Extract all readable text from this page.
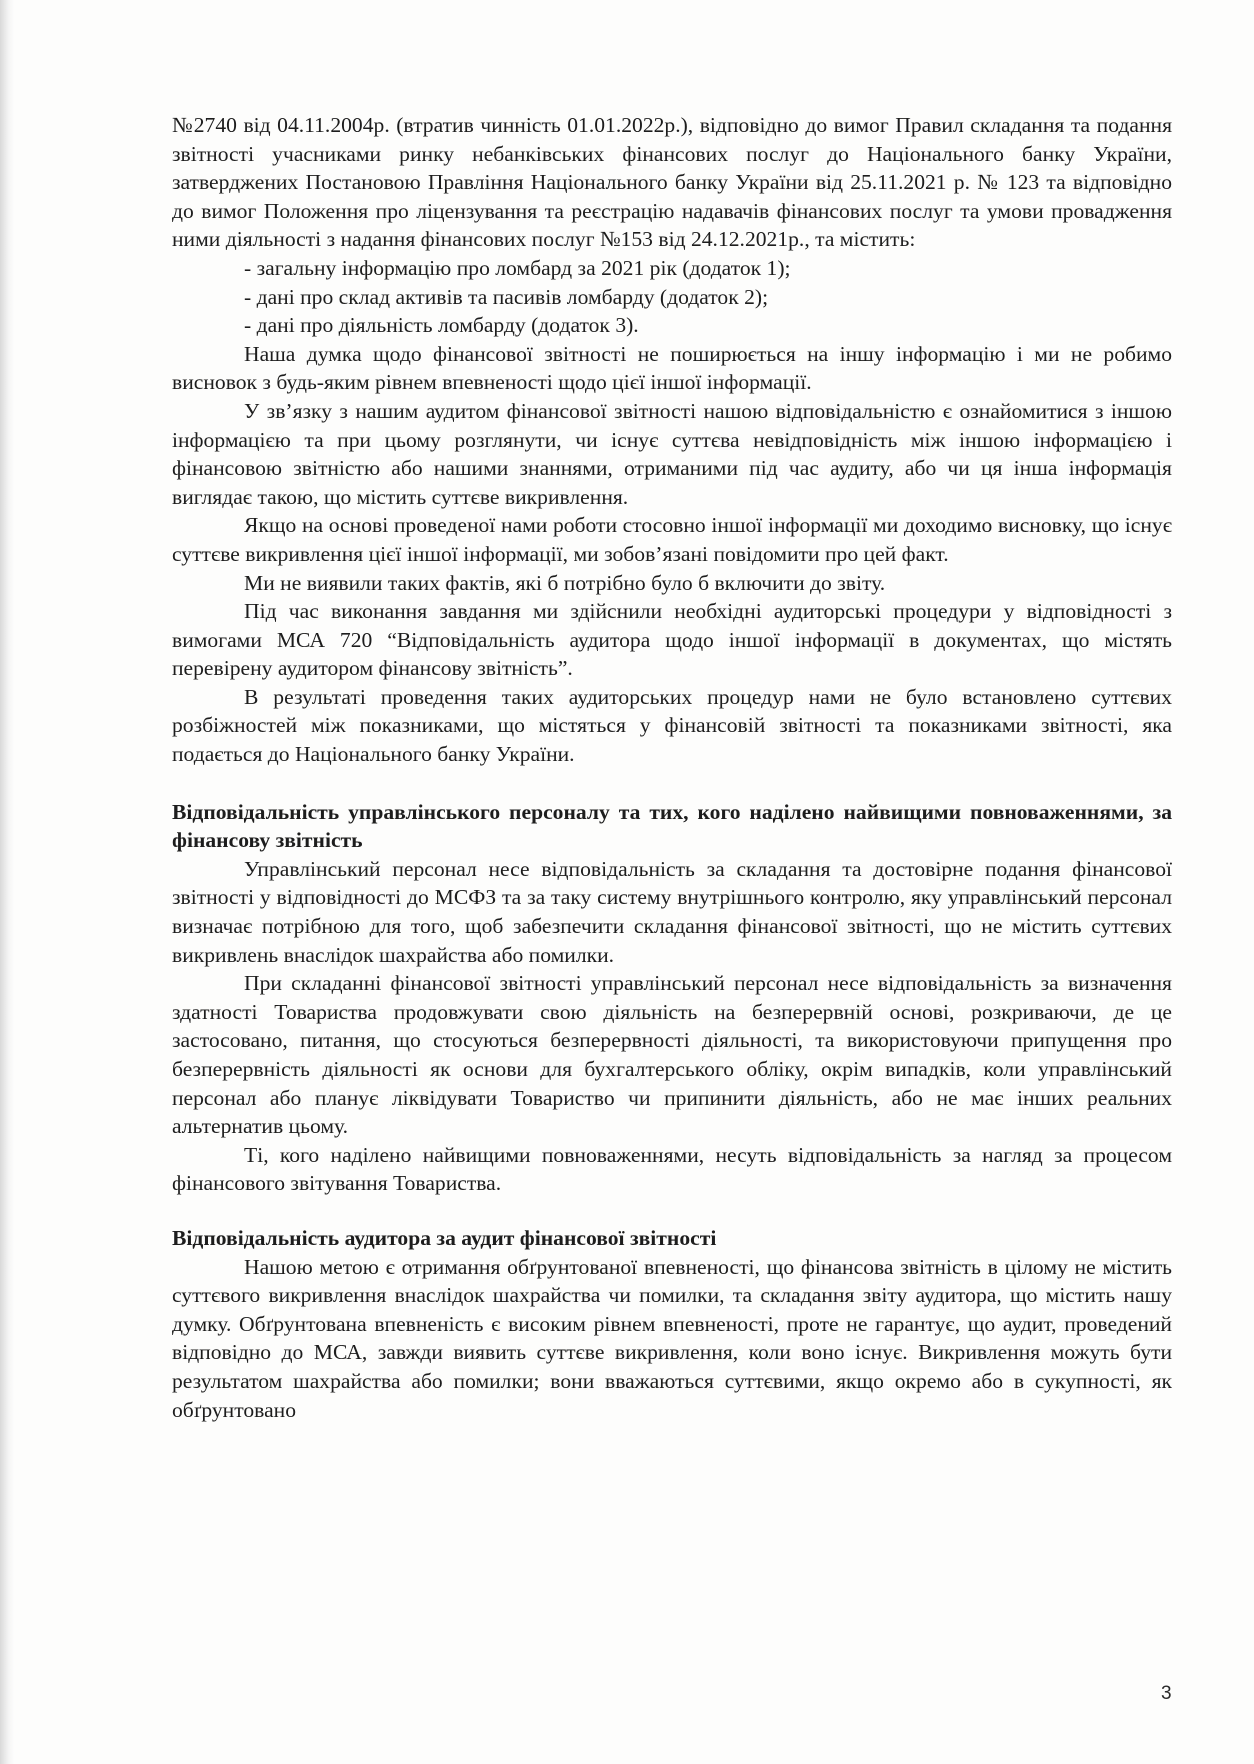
№2740 від 04.11.2004р. (втратив чинність 01.01.2022р.), відповідно до вимог Правил складання та подання звітності учасниками ринку небанківських фінансових послуг до Національного банку України, затверджених Постановою Правління Національного банку України від 25.11.2021 р. № 123 та відповідно до вимог Положення про ліцензування та реєстрацію надавачів фінансових послуг та умови провадження ними діяльності з надання фінансових послуг №153 від 24.12.2021р., та містить:

- загальну інформацію про ломбард за 2021 рік (додаток 1);

- дані про склад активів та пасивів ломбарду (додаток 2);

- дані про діяльність ломбарду (додаток 3).

Наша думка щодо фінансової звітності не поширюється на іншу інформацію і ми не робимо висновок з будь-яким рівнем впевненості щодо цієї іншої інформації.

У зв’язку з нашим аудитом фінансової звітності нашою відповідальністю є ознайомитися з іншою інформацією та при цьому розглянути, чи існує суттєва невідповідність між іншою інформацією і фінансовою звітністю або нашими знаннями, отриманими під час аудиту, або чи ця інша інформація виглядає такою, що містить суттєве викривлення.

Якщо на основі проведеної нами роботи стосовно іншої інформації ми доходимо висновку, що існує суттєве викривлення цієї іншої інформації, ми зобов’язані повідомити про цей факт.

Ми не виявили таких фактів, які б потрібно було б включити до звіту.

Під час виконання завдання ми здійснили необхідні аудиторські процедури у відповідності з вимогами МСА 720 “Відповідальність аудитора щодо іншої інформації в документах, що містять перевірену аудитором фінансову звітність”.

В результаті проведення таких аудиторських процедур нами не було встановлено суттєвих розбіжностей між показниками, що містяться у фінансовій звітності та показниками звітності, яка подається до Національного банку України.

Відповідальність управлінського персоналу та тих, кого наділено найвищими повноваженнями, за фінансову звітність

Управлінський персонал несе відповідальність за складання та достовірне подання фінансової звітності у відповідності до МСФЗ та за таку систему внутрішнього контролю, яку управлінський персонал визначає потрібною для того, щоб забезпечити складання фінансової звітності, що не містить суттєвих викривлень внаслідок шахрайства або помилки.

При складанні фінансової звітності управлінський персонал несе відповідальність за визначення здатності Товариства продовжувати свою діяльність на безперервній основі, розкриваючи, де це застосовано, питання, що стосуються безперервності діяльності, та використовуючи припущення про безперервність діяльності як основи для бухгалтерського обліку, окрім випадків, коли управлінський персонал або планує ліквідувати Товариство чи припинити діяльність, або не має інших реальних альтернатив цьому.

Ті, кого наділено найвищими повноваженнями, несуть відповідальність за нагляд за процесом фінансового звітування Товариства.

Відповідальність аудитора за аудит фінансової звітності

Нашою метою є отримання обґрунтованої впевненості, що фінансова звітність в цілому не містить суттєвого викривлення внаслідок шахрайства чи помилки, та складання звіту аудитора, що містить нашу думку. Обґрунтована впевненість є високим рівнем впевненості, проте не гарантує, що аудит, проведений відповідно до МСА, завжди виявить суттєве викривлення, коли воно існує. Викривлення можуть бути результатом шахрайства або помилки; вони вважаються суттєвими, якщо окремо або в сукупності, як обґрунтовано

3
